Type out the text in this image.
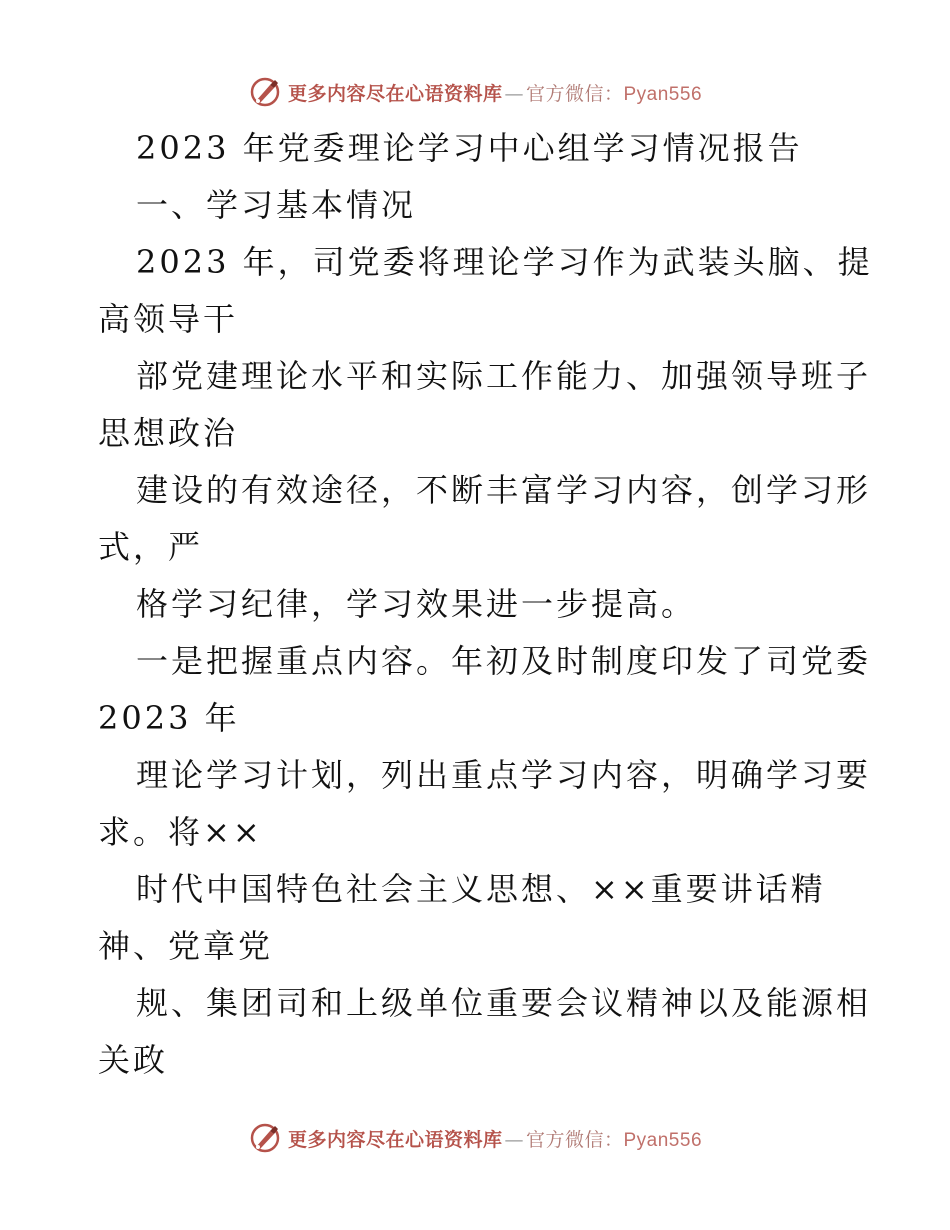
更多内容尽在心语资料库 — 官方微信：Pyan556
2023 年党委理论学习中心组学习情况报告
一、学习基本情况
2023 年，司党委将理论学习作为武装头脑、提
高领导干
部党建理论水平和实际工作能力、加强领导班子
思想政治
建设的有效途径，不断丰富学习内容，创学习形
式，严
格学习纪律，学习效果进一步提高。
一是把握重点内容。年初及时制度印发了司党委
2023 年
理论学习计划，列出重点学习内容，明确学习要
求。将××
时代中国特色社会主义思想、××重要讲话精
神、党章党
规、集团司和上级单位重要会议精神以及能源相
关政
更多内容尽在心语资料库 — 官方微信：Pyan556
